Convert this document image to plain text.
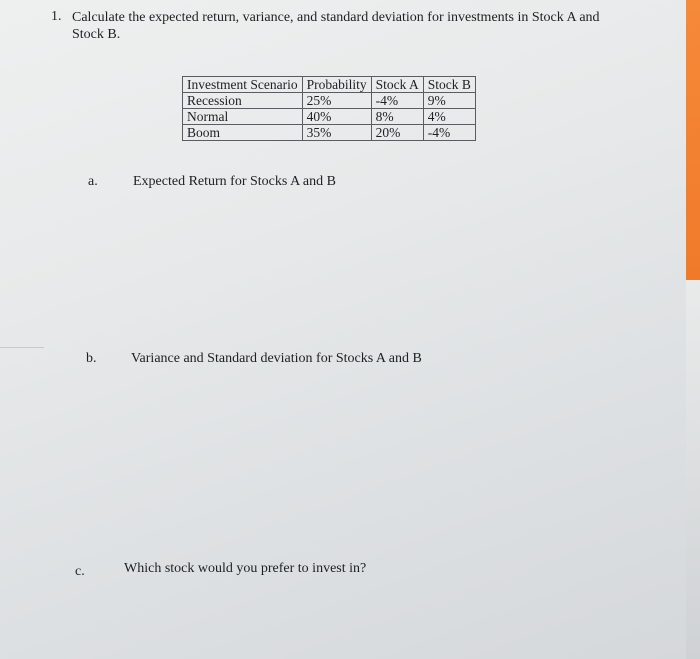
1. Calculate the expected return, variance, and standard deviation for investments in Stock A and Stock B.
Investment Scenario	Probability	Stock A	Stock B
Recession	25%	-4%	9%
Normal	40%	8%	4%
Boom	35%	20%	-4%
a.	Expected Return for Stocks A and B
b. Variance and Standard deviation for Stocks A and B
c.	Which stock would you prefer to invest in?
